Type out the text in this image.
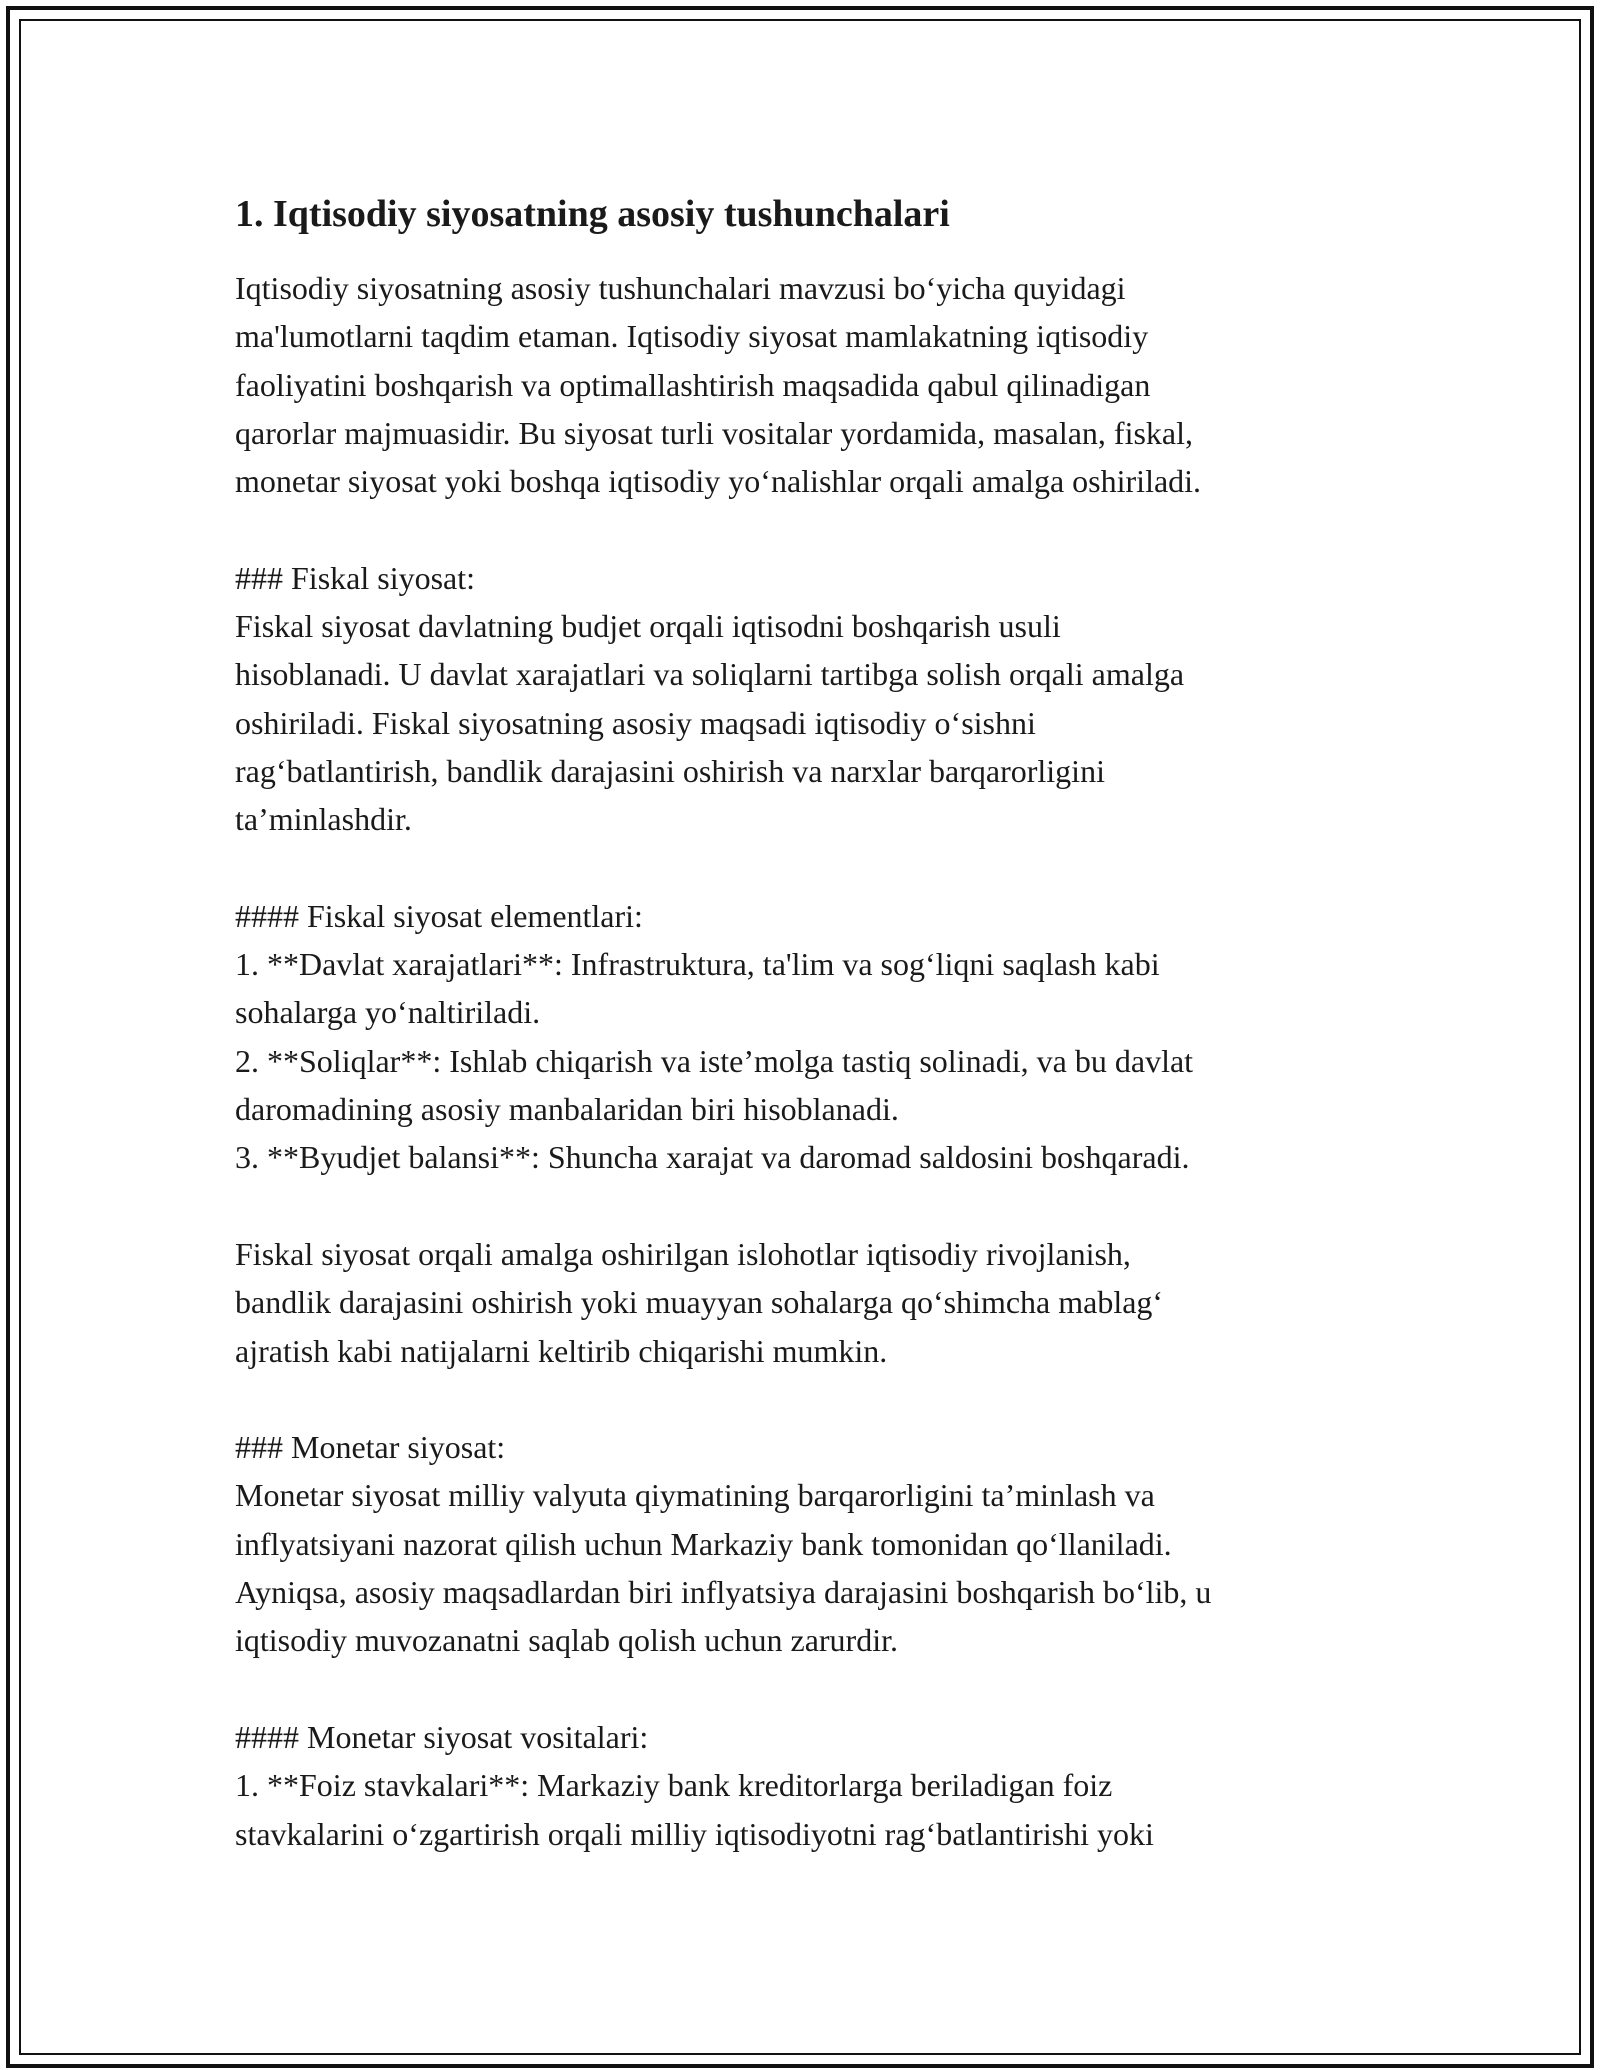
1. Iqtisodiy siyosatning asosiy tushunchalari
Iqtisodiy siyosatning asosiy tushunchalari mavzusi bo‘yicha quyidagi
ma'lumotlarni taqdim etaman. Iqtisodiy siyosat mamlakatning iqtisodiy
faoliyatini boshqarish va optimallashtirish maqsadida qabul qilinadigan
qarorlar majmuasidir. Bu siyosat turli vositalar yordamida, masalan, fiskal,
monetar siyosat yoki boshqa iqtisodiy yo‘nalishlar orqali amalga oshiriladi.
### Fiskal siyosat:
Fiskal siyosat davlatning budjet orqali iqtisodni boshqarish usuli
hisoblanadi. U davlat xarajatlari va soliqlarni tartibga solish orqali amalga
oshiriladi. Fiskal siyosatning asosiy maqsadi iqtisodiy o‘sishni
rag‘batlantirish, bandlik darajasini oshirish va narxlar barqarorligini
ta’minlashdir.
#### Fiskal siyosat elementlari:
1. **Davlat xarajatlari**: Infrastruktura, ta'lim va sog‘liqni saqlash kabi
sohalarga yo‘naltiriladi.
2. **Soliqlar**: Ishlab chiqarish va iste’molga tastiq solinadi, va bu davlat
daromadining asosiy manbalaridan biri hisoblanadi.
3. **Byudjet balansi**: Shuncha xarajat va daromad saldosini boshqaradi.
Fiskal siyosat orqali amalga oshirilgan islohotlar iqtisodiy rivojlanish,
bandlik darajasini oshirish yoki muayyan sohalarga qo‘shimcha mablag‘
ajratish kabi natijalarni keltirib chiqarishi mumkin.
### Monetar siyosat:
Monetar siyosat milliy valyuta qiymatining barqarorligini ta’minlash va
inflyatsiyani nazorat qilish uchun Markaziy bank tomonidan qo‘llaniladi.
Ayniqsa, asosiy maqsadlardan biri inflyatsiya darajasini boshqarish bo‘lib, u
iqtisodiy muvozanatni saqlab qolish uchun zarurdir.
#### Monetar siyosat vositalari:
1. **Foiz stavkalari**: Markaziy bank kreditorlarga beriladigan foiz
stavkalarini o‘zgartirish orqali milliy iqtisodiyotni rag‘batlantirishi yoki
